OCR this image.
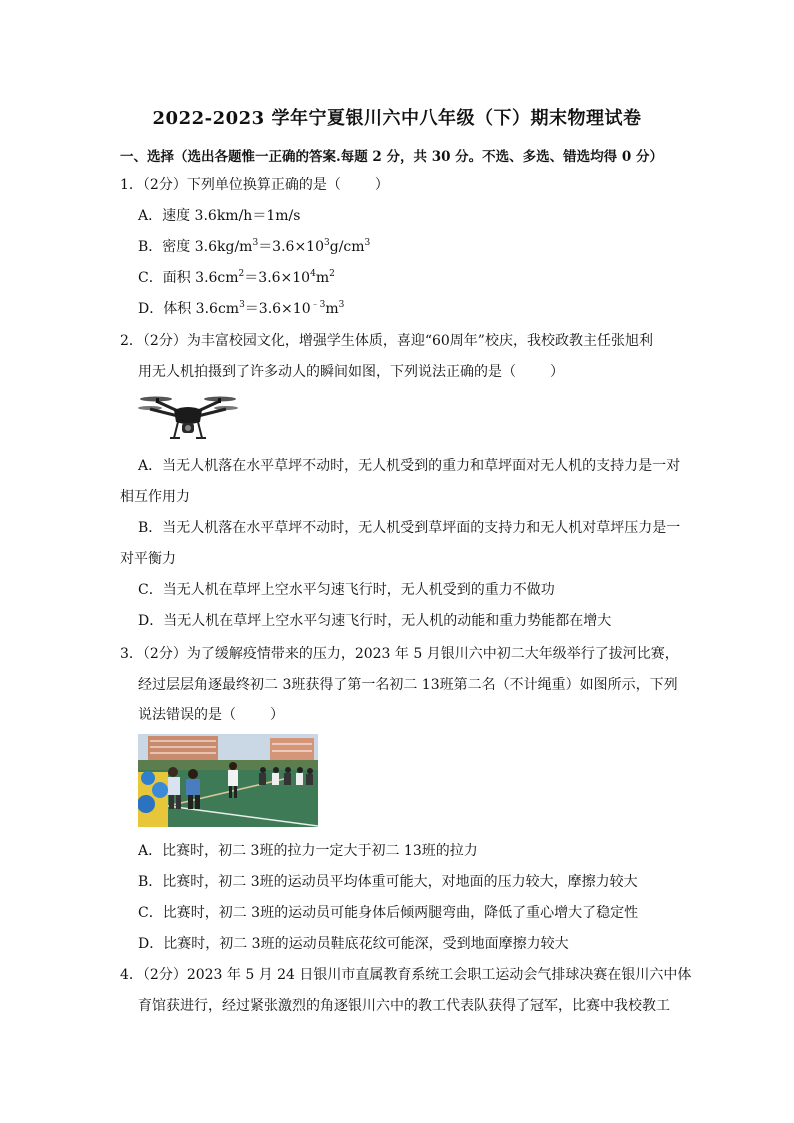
2022-2023 学年宁夏银川六中八年级（下）期末物理试卷
一、选择（选出各题惟一正确的答案.每题 2 分，共 30 分。不选、多选、错选均得 0 分）
1．（2分）下列单位换算正确的是（ ）
A．速度 3.6km/h＝1m/s
B．密度 $3.6kg/m^3=3.6\times 10^3g/cm^3$
C．面积 $3.6cm^2=3.6\times 10^4m^2$
D．体积 $3.6cm^3=3.6\times 10^{﹣3}m^3$
2．（2分）为丰富校园文化，增强学生体质，喜迎“60周年”校庆，我校政教主任张旭利
用无人机拍摄到了许多动人的瞬间如图，下列说法正确的是（ ）
A．当无人机落在水平草坪不动时，无人机受到的重力和草坪面对无人机的支持力是一对
相互作用力
B．当无人机落在水平草坪不动时，无人机受到草坪面的支持力和无人机对草坪压力是一
对平衡力
C．当无人机在草坪上空水平匀速飞行时，无人机受到的重力不做功
D．当无人机在草坪上空水平匀速飞行时，无人机的动能和重力势能都在增大
3．（2分）为了缓解疫情带来的压力，2023 年 5 月银川六中初二大年级举行了拔河比赛，
经过层层角逐最终初二 3班获得了第一名初二 13班第二名（不计绳重）如图所示，下列
说法错误的是（ ）
A．比赛时，初二 3班的拉力一定大于初二 13班的拉力
B．比赛时，初二 3班的运动员平均体重可能大，对地面的压力较大，摩擦力较大
C．比赛时，初二 3班的运动员可能身体后倾两腿弯曲，降低了重心增大了稳定性
D．比赛时，初二 3班的运动员鞋底花纹可能深，受到地面摩擦力较大
4．（2分）2023 年 5 月 24 日银川市直属教育系统工会职工运动会气排球决赛在银川六中体
育馆获进行，经过紧张激烈的角逐银川六中的教工代表队获得了冠军，比赛中我校教工
